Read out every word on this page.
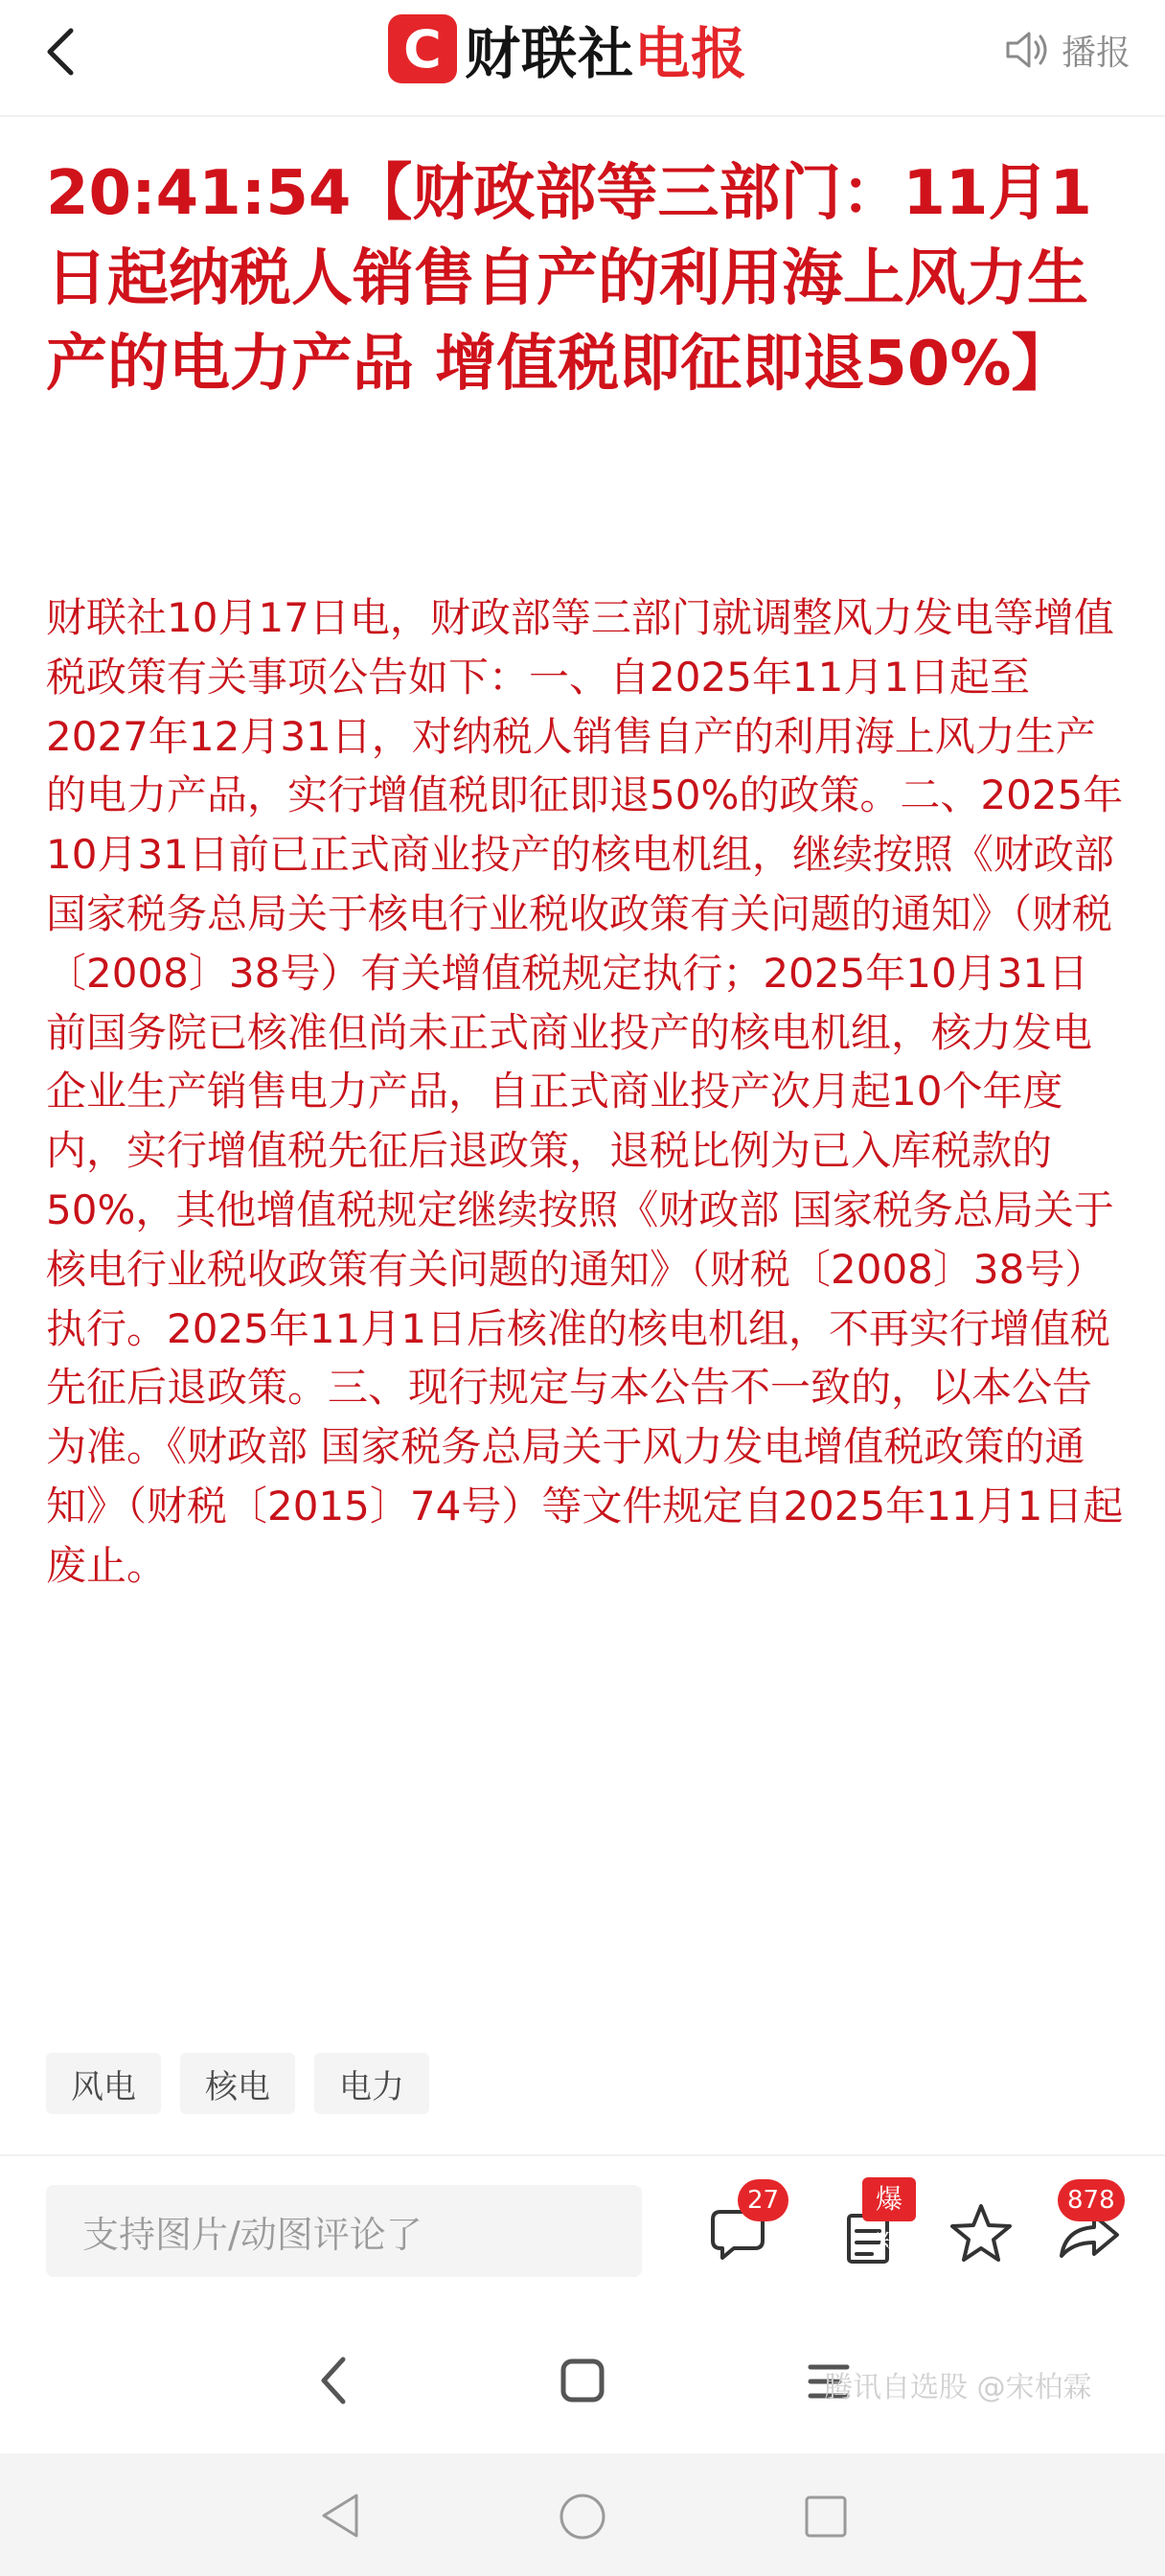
C 财联社 电报	播报
20:41:54【财政部等三部门：11月1日起纳税人销售自产的利用海上风力生产的电力产品 增值税即征即退50%】

财联社10月17日电，财政部等三部门就调整风力发电等增值税政策有关事项公告如下：一、自2025年11月1日起至2027年12月31日，对纳税人销售自产的利用海上风力生产的电力产品，实行增值税即征即退50%的政策。二、2025年10月31日前已正式商业投产的核电机组，继续按照《财政部 国家税务总局关于核电行业税收政策有关问题的通知》（财税〔2008〕38号）有关增值税规定执行；2025年10月31日前国务院已核准但尚未正式商业投产的核电机组，核力发电企业生产销售电力产品，自正式商业投产次月起10个年度内，实行增值税先征后退政策，退税比例为已入库税款的50%，其他增值税规定继续按照《财政部 国家税务总局关于核电行业税收政策有关问题的通知》（财税〔2008〕38号）执行。2025年11月1日后核准的核电机组，不再实行增值税先征后退政策。三、现行规定与本公告不一致的，以本公告为准。《财政部 国家税务总局关于风力发电增值税政策的通知》（财税〔2015〕74号）等文件规定自2025年11月1日起废止。

风电	核电	电力
支持图片/动图评论了
27	爆料
878
腾讯自选股 @宋柏霖
